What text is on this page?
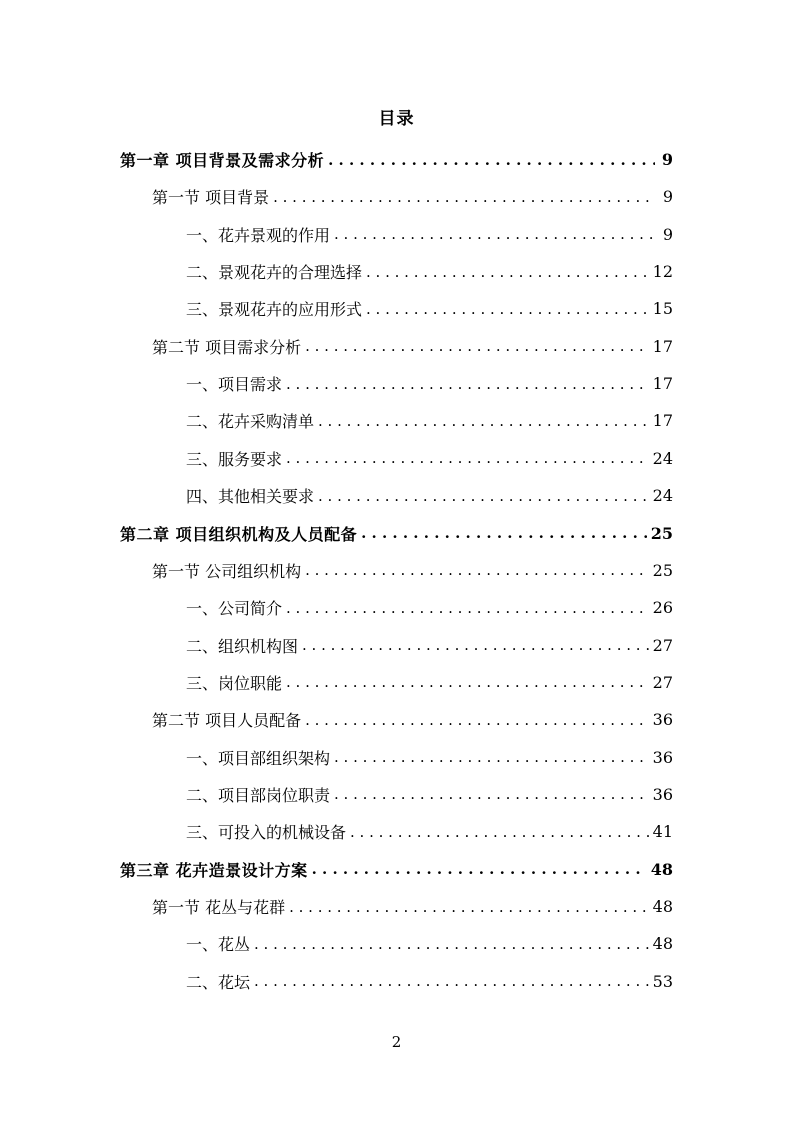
目录
第一章 项目背景及需求分析 . . .	9
第一节 项目背景 . . .	9
一、花卉景观的作用 . . .	9
二、景观花卉的合理选择 . . .	12
三、景观花卉的应用形式 . . .	15
第二节 项目需求分析 . . .	17
一、项目需求 . . .	17
二、花卉采购清单 . . .	17
三、服务要求 . . .	24
四、其他相关要求 . . .	24
第二章 项目组织机构及人员配备 . . .	25
第一节 公司组织机构 . . .	25
一、公司简介 . . .	26
二、组织机构图 . . .	27
三、岗位职能 . . .	27
第二节 项目人员配备 . . .	36
一、项目部组织架构 . . .	36
二、项目部岗位职责 . . .	36
三、可投入的机械设备 . . .	41
第三章 花卉造景设计方案 . . .	48
第一节 花丛与花群 . . .	48
一、花丛 . . .	48
二、花坛 . . .	53
2
